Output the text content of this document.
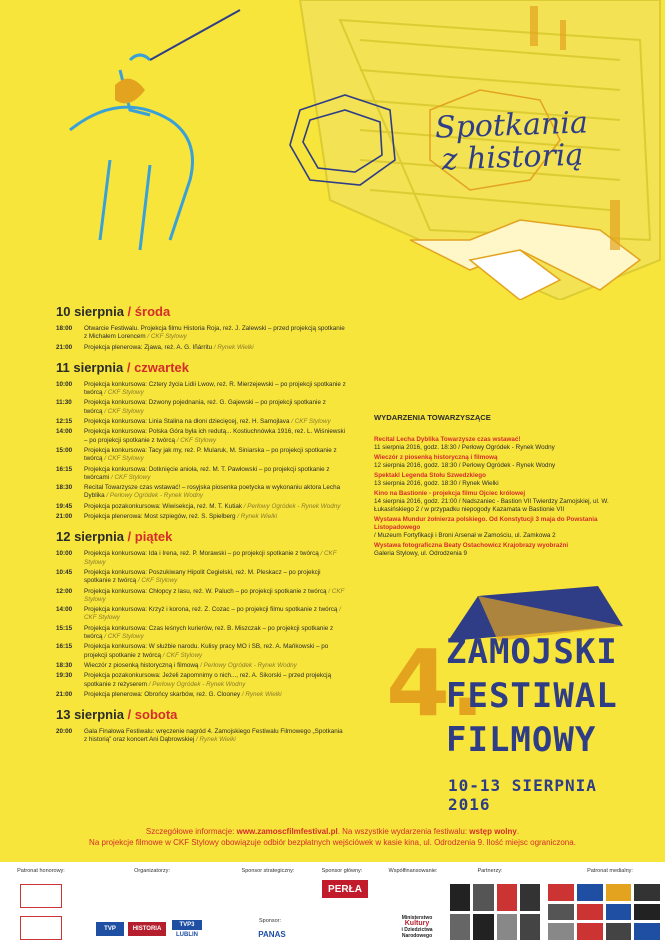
Spotkania
z historią
10 sierpnia / środa
18:00	Otwarcie Festiwalu. Projekcja filmu Historia Roja, reż. J. Zalewski – przed projekcją spotkanie z Michałem Lorencem / CKF Stylowy
21:00	Projekcja plenerowa: Zjawa, reż. A. G. Iñárritu / Rynek Wielki
11 sierpnia / czwartek
10:00	Projekcja konkursowa: Cztery życia Lidii Lwow, reż. R. Mierzejewski – po projekcji spotkanie z twórcą / CKF Stylowy
11:30	Projekcja konkursowa: Dzwony pojednania, reż. G. Gajewski – po projekcji spotkanie z twórcą / CKF Stylowy
12:15	Projekcja konkursowa: Linia Stalina na dłoni dziecięcej, reż. H. Samojlava / CKF Stylowy
14:00	Projekcja konkursowa: Polska Góra była ich redutą... Kostiuchnówka 1916, reż. L. Wiśniewski – po projekcji spotkanie z twórcą / CKF Stylowy
15:00	Projekcja konkursowa: Tacy jak my, reż. P. Mularuk, M. Siniarska – po projekcji spotkanie z twórcą / CKF Stylowy
16:15	Projekcja konkursowa: Dotknięcie anioła, reż. M. T. Pawłowski – po projekcji spotkanie z twórcami / CKF Stylowy
18:30	Recital Towarzysze czas wstawać! – rosyjska piosenka poetycka w wykonaniu aktora Lecha Dyblika / Perłowy Ogródek - Rynek Wodny
19:45	Projekcja pozakonkursowa: Wiwisekcja, reż. M. T. Kutiak / Perłowy Ogródek - Rynek Wodny
21:00	Projekcja plenerowa: Most szpiegów, reż. S. Spielberg / Rynek Wielki
12 sierpnia / piątek
10:00	Projekcja konkursowa: Ida i Irena, reż. P. Morawski – po projekcji spotkanie z twórcą / CKF Stylowy
10:45	Projekcja konkursowa: Poszukiwany Hipolit Cegielski, reż. M. Pleskacz – po projekcji spotkanie z twórcą / CKF Stylowy
12:00	Projekcja konkursowa: Chłopcy z lasu, reż. W. Paluch – po projekcji spotkanie z twórcą / CKF Stylowy
14:00	Projekcja konkursowa: Krzyż i korona, reż. Z. Cozac – po projekcji filmu spotkanie z twórcą / CKF Stylowy
15:15	Projekcja konkursowa: Czas leśnych kurierów, reż. B. Miszczak – po projekcji spotkanie z twórcą / CKF Stylowy
16:15	Projekcja konkursowa: W służbie narodu. Kulisy pracy MO i SB, reż. A. Mańkowski – po projekcji spotkanie z twórcą / CKF Stylowy
18:30	Wieczór z piosenką historyczną i filmową / Perłowy Ogródek - Rynek Wodny
19:30	Projekcja pozakonkursowa: Jeżeli zapomnimy o nich..., reż. A. Sikorski – przed projekcją spotkanie z reżyserem / Perłowy Ogródek - Rynek Wodny
21:00	Projekcja plenerowa: Obrońcy skarbów, reż. G. Clooney / Rynek Wielki
13 sierpnia / sobota
20:00	Gala Finałowa Festiwalu: wręczenie nagród 4. Zamojskiego Festiwalu Filmowego „Spotkania z historią” oraz koncert Ani Dąbrowskiej / Rynek Wielki
WYDARZENIA TOWARZYSZĄCE
Recital Lecha Dyblika Towarzysze czas wstawać!
11 sierpnia 2016, godz. 18:30 / Perłowy Ogródek - Rynek Wodny
Wieczór z piosenką historyczną i filmową
12 sierpnia 2016, godz. 18:30 / Perłowy Ogródek - Rynek Wodny
Spektakl Legenda Stołu Szwedzkiego
13 sierpnia 2016, godz. 18:30 / Rynek Wielki
Kino na Bastionie - projekcja filmu Ojciec królowej
14 sierpnia 2016, godz. 21:00 / Nadszaniec - Bastion VII Twierdzy Zamojskiej, ul. W. Łukasińskiego 2 / w przypadku niepogody Kazamata w Bastionie VII
Wystawa Mundur żołnierza polskiego. Od Konstytucji 3 maja do Powstania Listopadowego
/ Muzeum Fortyfikacji i Broni Arsenał w Zamościu, ul. Zamkowa 2
Wystawa fotograficzna Beaty Ostachowicz Krajobrazy wyobraźni
Galeria Stylowy, ul. Odrodzenia 9
4.
ZAMOJSKI
FESTIWAL
FILMOWY
10-13 SIERPNIA 2016
Szczegółowe informacje: www.zamoscfilmfestival.pl. Na wszystkie wydarzenia festiwalu: wstęp wolny.
Na projekcje filmowe w CKF Stylowy obowiązuje odbiór bezpłatnych wejściówek w kasie kina, ul. Odrodzenia 9. Ilość miejsc ograniczona.
Patronat honorowy:	Organizatorzy:	Sponsor strategiczny:	Sponsor główny:	Współfinansowanie:	Partnerzy:	Patronat medialny:
Sponsor:
TVP	HISTORIA
TVP3
LUBLIN
PERŁA
PANAS
Ministerstwo
Kultury
i Dziedzictwa
Narodowego
